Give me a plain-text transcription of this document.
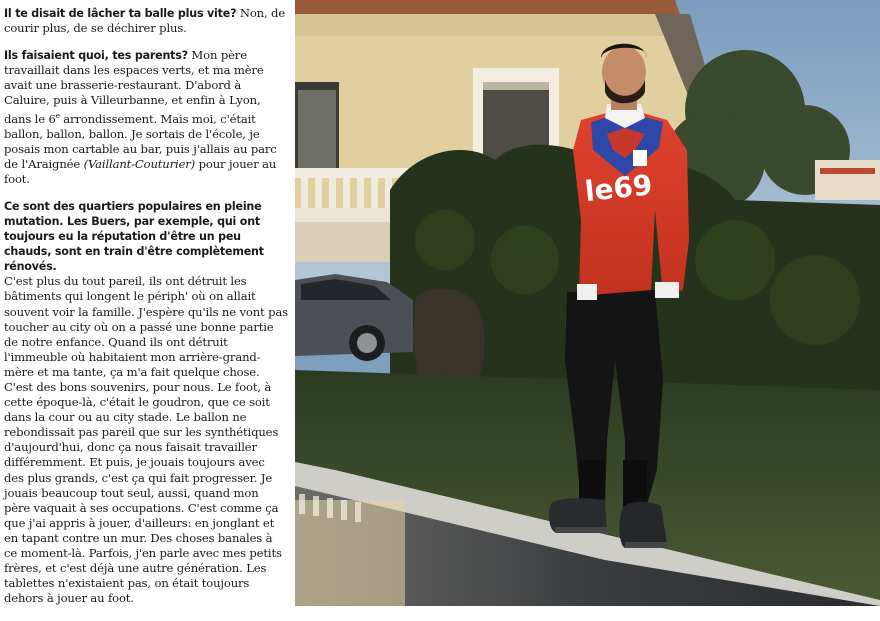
Il te disait de lâcher ta balle plus vite? Non, de courir plus, de se déchirer plus.

Ils faisaient quoi, tes parents? Mon père travaillait dans les espaces verts, et ma mère avait une brasserie-restaurant. D'abord à Caluire, puis à Villeurbanne, et enfin à Lyon, dans le 6e arrondissement. Mais moi, c'était ballon, ballon, ballon. Je sortais de l'école, je posais mon cartable au bar, puis j'allais au parc de l'Araignée (Vaillant-Couturier) pour jouer au foot.

Ce sont des quartiers populaires en pleine mutation. Les Buers, par exemple, qui ont toujours eu la réputation d'être un peu chauds, sont en train d'être complètement rénovés.
C'est plus du tout pareil, ils ont détruit les bâtiments qui longent le périph' où on allait souvent voir la famille. J'espère qu'ils ne vont pas toucher au city où on a passé une bonne partie de notre enfance. Quand ils ont détruit l'immeuble où habitaient mon arrière-grand-mère et ma tante, ça m'a fait quelque chose. C'est des bons souvenirs, pour nous. Le foot, à cette époque-là, c'était le goudron, que ce soit dans la cour ou au city stade. Le ballon ne rebondissait pas pareil que sur les synthétiques d'aujourd'hui, donc ça nous faisait travailler différemment. Et puis, je jouais toujours avec des plus grands, c'est ça qui fait progresser. Je jouais beaucoup tout seul, aussi, quand mon père vaquait à ses occupations. C'est comme ça que j'ai appris à jouer, d'ailleurs: en jonglant et en tapant contre un mur. Des choses banales à ce moment-là. Parfois, j'en parle avec mes petits frères, et c'est déjà une autre génération. Les tablettes n'existaient pas, on était toujours dehors à jouer au foot.

le69
